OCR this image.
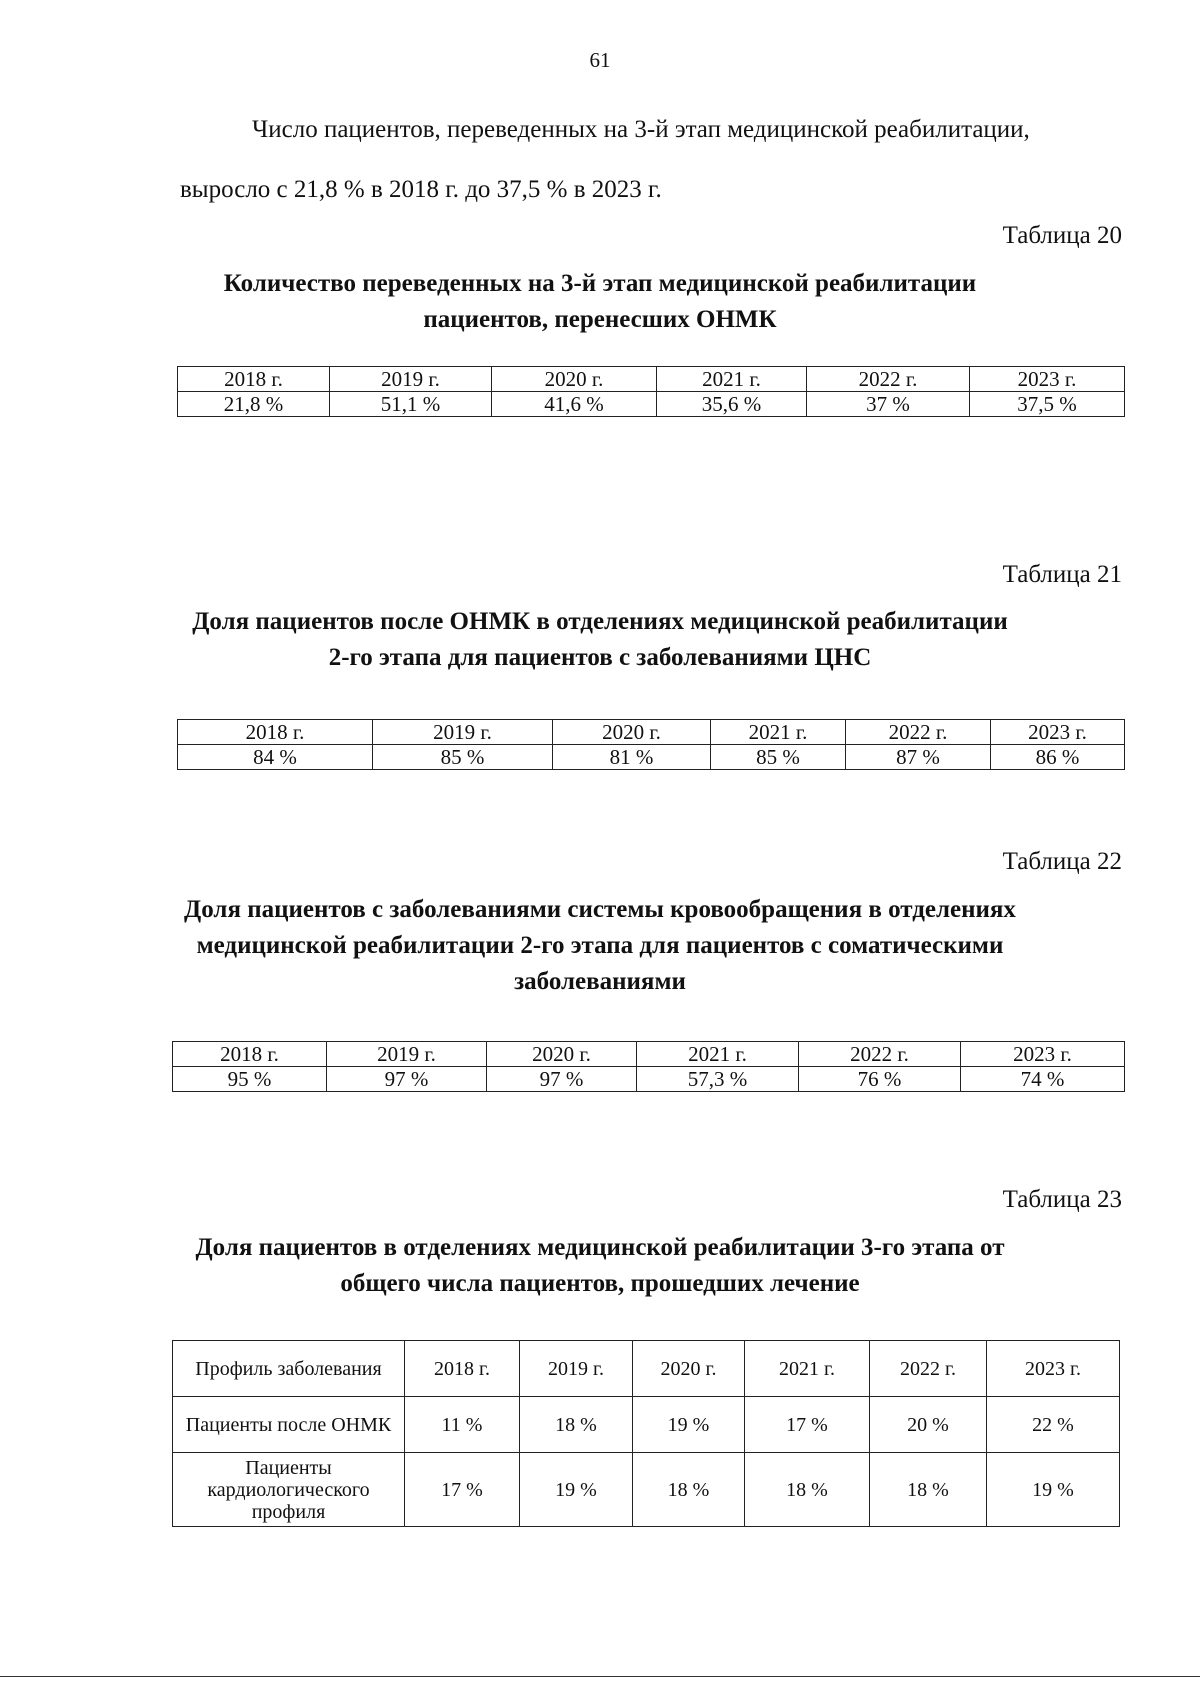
61

Число пациентов, переведенных на 3-й этап медицинской реабилитации,

выросло с 21,8 % в 2018 г. до 37,5 % в 2023 г.

Таблица 20
Количество переведенных на 3-й этап медицинской реабилитации
пациентов, перенесших ОНМК
2018 г.	2019 г.	2020 г.	2021 г.	2022 г.	2023 г.
21,8 %	51,1 %	41,6 %	35,6 %	37 %	37,5 %
Таблица 21
Доля пациентов после ОНМК в отделениях медицинской реабилитации
2-го этапа для пациентов с заболеваниями ЦНС
2018 г.	2019 г.	2020 г.	2021 г.	2022 г.	2023 г.
84 %	85 %	81 %	85 %	87 %	86 %
Таблица 22
Доля пациентов с заболеваниями системы кровообращения в отделениях
медицинской реабилитации 2-го этапа для пациентов с соматическими
заболеваниями
2018 г.	2019 г.	2020 г.	2021 г.	2022 г.	2023 г.
95 %	97 %	97 %	57,3 %	76 %	74 %
Таблица 23
Доля пациентов в отделениях медицинской реабилитации 3-го этапа от
общего числа пациентов, прошедших лечение
Профиль заболевания	2018 г.	2019 г.	2020 г.	2021 г.	2022 г.	2023 г.
Пациенты после ОНМК	11 %	18 %	19 %	17 %	20 %	22 %
Пациенты кардиологического профиля	17 %	19 %	18 %	18 %	18 %	19 %
